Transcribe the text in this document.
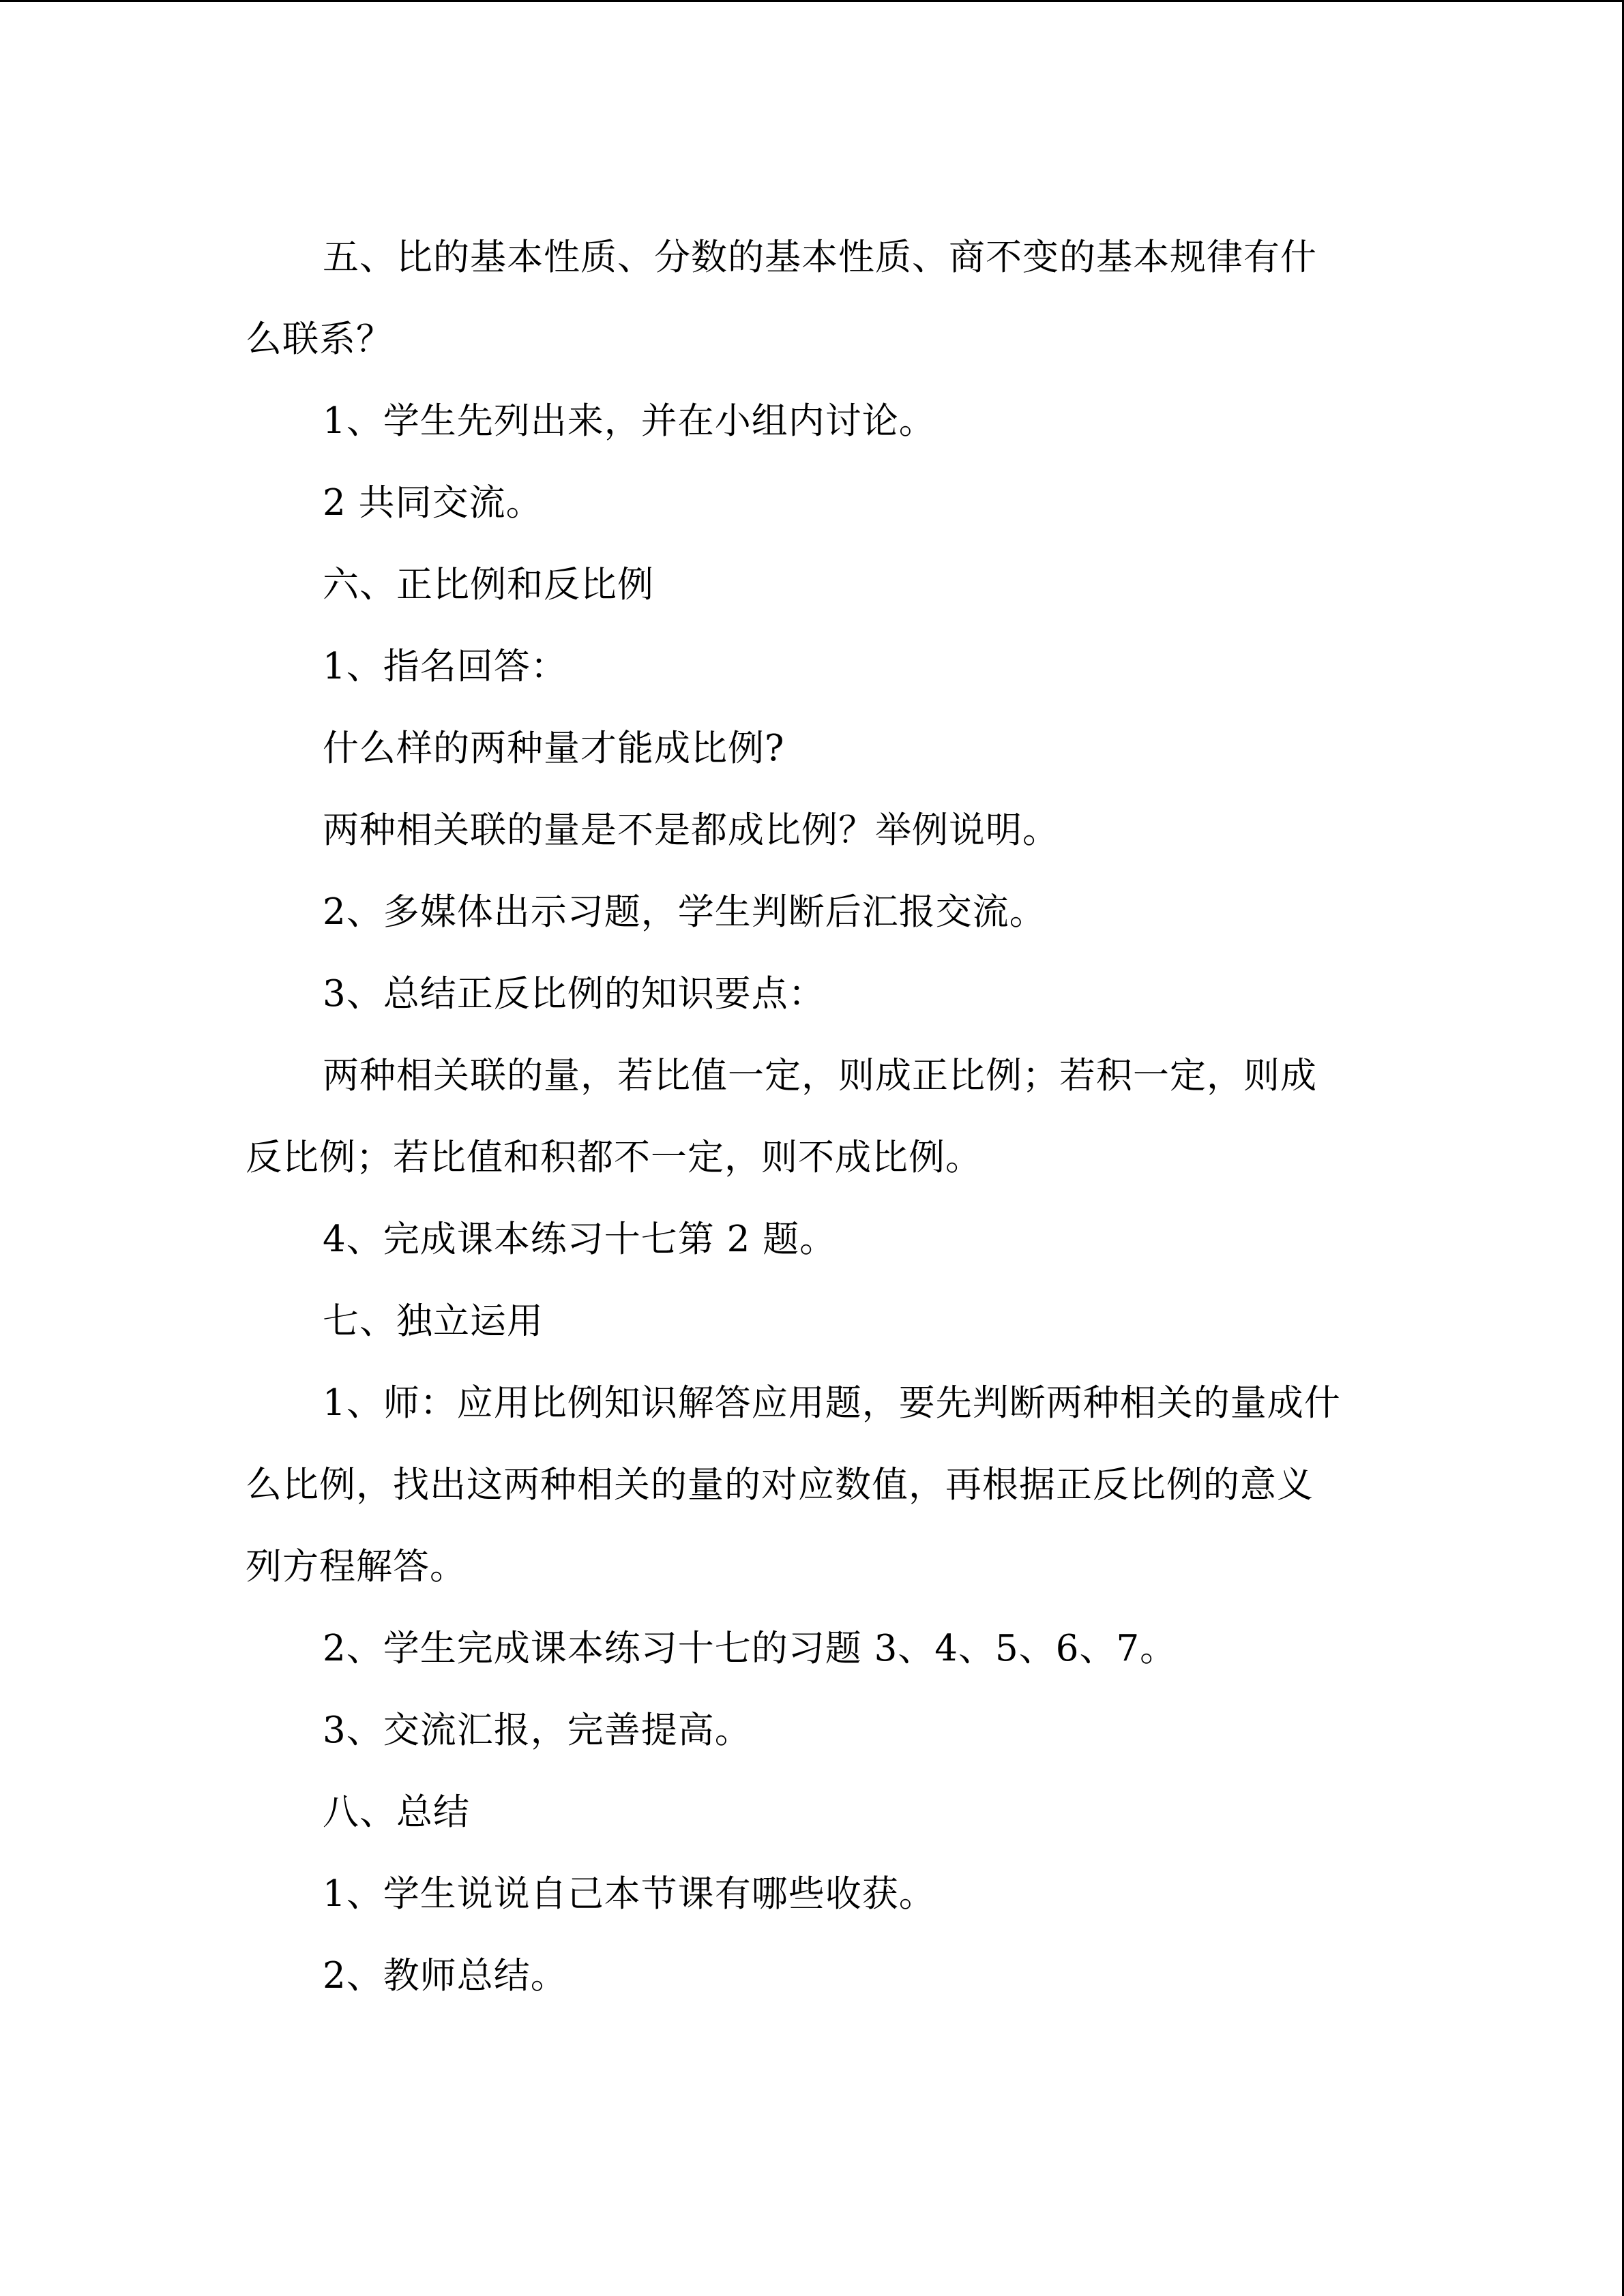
五、比的基本性质、分数的基本性质、商不变的基本规律有什

么联系？

1、学生先列出来，并在小组内讨论。

2 共同交流。

六、正比例和反比例

1、指名回答：

什么样的两种量才能成比例?

两种相关联的量是不是都成比例？举例说明。

2、多媒体出示习题，学生判断后汇报交流。

3、总结正反比例的知识要点：

两种相关联的量，若比值一定，则成正比例；若积一定，则成

反比例；若比值和积都不一定，则不成比例。

4、完成课本练习十七第 2 题。

七、独立运用

1、师：应用比例知识解答应用题，要先判断两种相关的量成什

么比例，找出这两种相关的量的对应数值，再根据正反比例的意义

列方程解答。

2、学生完成课本练习十七的习题 3、4、5、6、7。

3、交流汇报，完善提高。

八、总结

1、学生说说自己本节课有哪些收获。

2、教师总结。
